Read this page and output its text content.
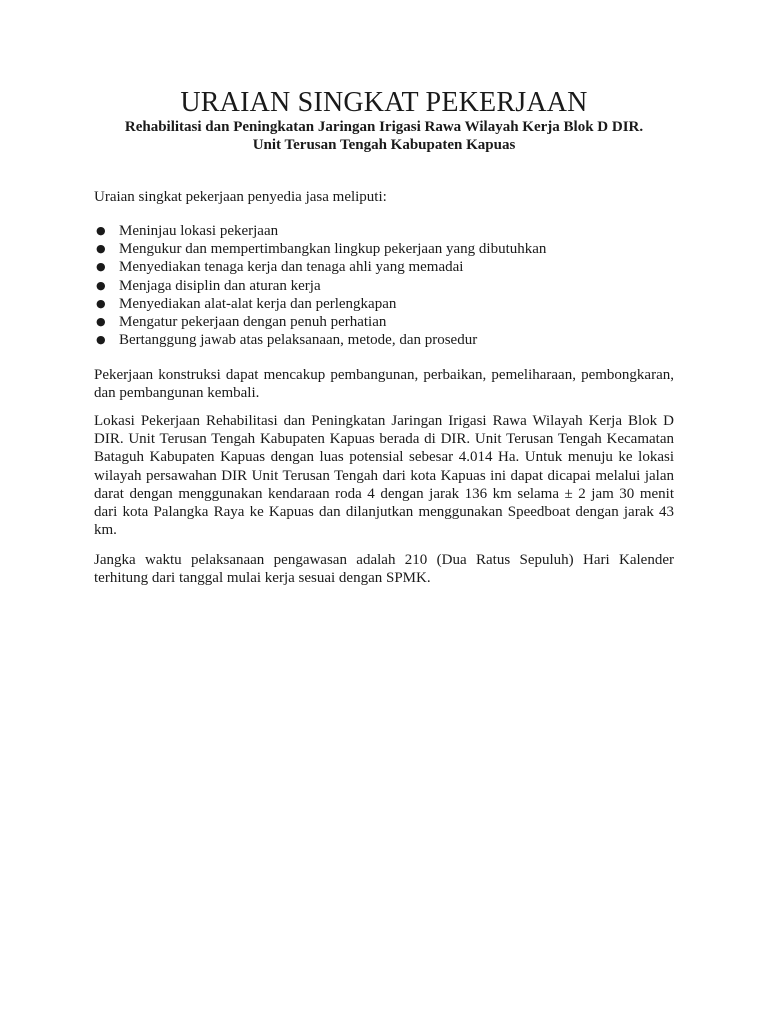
URAIAN SINGKAT PEKERJAAN

Rehabilitasi dan Peningkatan Jaringan Irigasi Rawa Wilayah Kerja Blok D DIR.

Unit Terusan Tengah Kabupaten Kapuas

Uraian singkat pekerjaan penyedia jasa meliputi:

● Meninjau lokasi pekerjaan
● Mengukur dan mempertimbangkan lingkup pekerjaan yang dibutuhkan
● Menyediakan tenaga kerja dan tenaga ahli yang memadai
● Menjaga disiplin dan aturan kerja
● Menyediakan alat-alat kerja dan perlengkapan
● Mengatur pekerjaan dengan penuh perhatian
● Bertanggung jawab atas pelaksanaan, metode, dan prosedur

Pekerjaan konstruksi dapat mencakup pembangunan, perbaikan, pemeliharaan, pembongkaran, dan pembangunan kembali.

Lokasi Pekerjaan Rehabilitasi dan Peningkatan Jaringan Irigasi Rawa Wilayah Kerja Blok D DIR. Unit Terusan Tengah Kabupaten Kapuas berada di DIR. Unit Terusan Tengah Kecamatan Bataguh Kabupaten Kapuas dengan luas potensial sebesar 4.014 Ha. Untuk menuju ke lokasi wilayah persawahan DIR Unit Terusan Tengah dari kota Kapuas ini dapat dicapai melalui jalan darat dengan menggunakan kendaraan roda 4 dengan jarak 136 km selama ± 2 jam 30 menit dari kota Palangka Raya ke Kapuas dan dilanjutkan menggunakan Speedboat dengan jarak 43 km.

Jangka waktu pelaksanaan pengawasan adalah 210 (Dua Ratus Sepuluh) Hari Kalender terhitung dari tanggal mulai kerja sesuai dengan SPMK.
